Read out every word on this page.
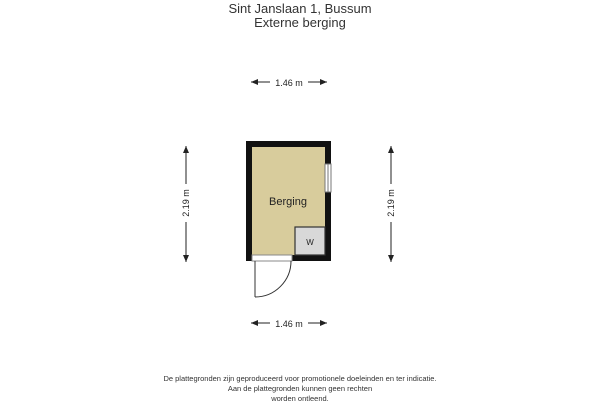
Sint Janslaan 1, Bussum
Externe berging
1.46 m
1.46 m
2.19 m	2.19 m
W
Berging
De plattegronden zijn geproduceerd voor promotionele doeleinden en ter indicatie.
Aan de plattegronden kunnen geen rechten
worden ontleend.
